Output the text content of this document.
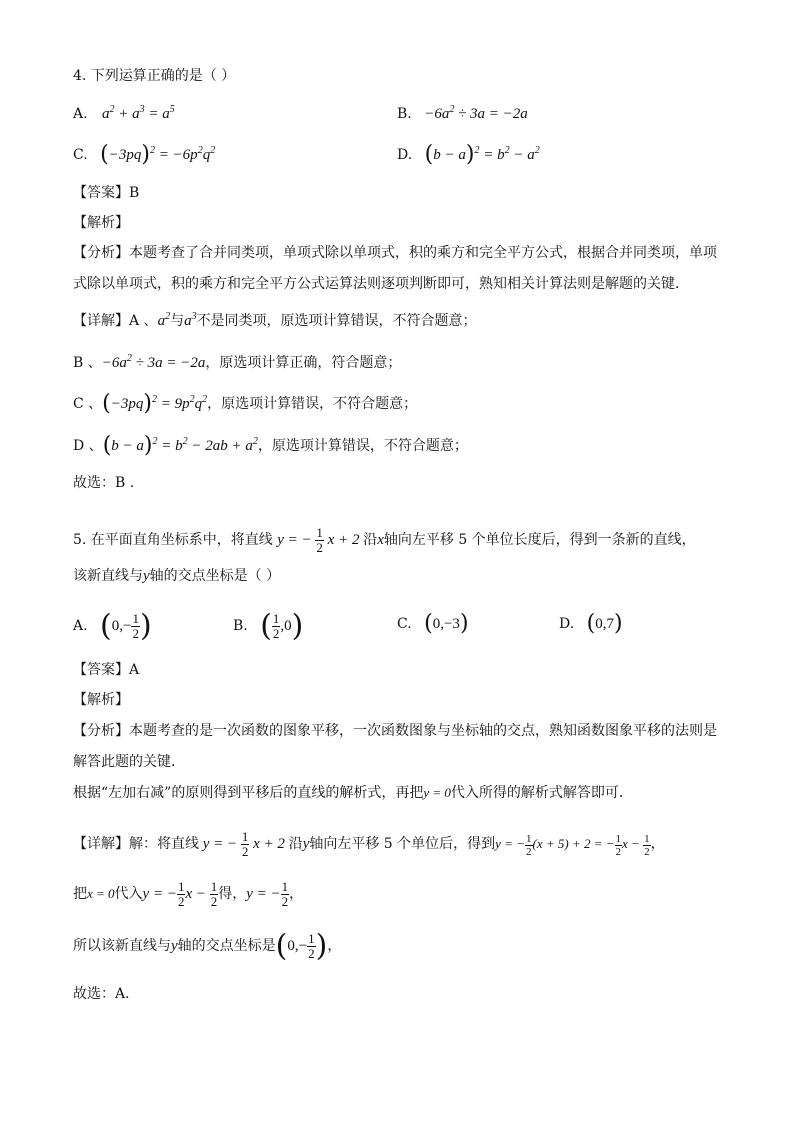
4. 下列运算正确的是（ ）
A. $a^2 + a^3 = a^5$	B. $-6a^2 \div 3a = -2a$
C. $(-3pq)^2 = -6p^2q^2$	D. $(b - a)^2 = b^2 - a^2$
【答案】B
【解析】
【分析】本题考查了合并同类项，单项式除以单项式，积的乘方和完全平方公式，根据合并同类项，单项
式除以单项式，积的乘方和完全平方公式运算法则逐项判断即可，熟知相关计算法则是解题的关键．
【详解】A 、$a^2$与$a^3$不是同类项，原选项计算错误，不符合题意；
B 、$-6a^2 \div 3a = -2a$，原选项计算正确，符合题意；
C 、$(-3pq)^2 = 9p^2q^2$，原选项计算错误，不符合题意；
D 、$(b - a)^2 = b^2 - 2ab + a^2$，原选项计算错误，不符合题意；
故选：B .
5. 在平面直角坐标系中，将直线 y = − $\frac{1}{2}$ x + 2 沿x轴向左平移 5 个单位长度后，得到一条新的直线，
该新直线与y轴的交点坐标是（ ）
A. ($0,- \frac{1}{2}$ )	B. ( $\frac{1}{2} ,0$)	C. (0,−3)	D. (0,7)
【答案】A
【解析】
【分析】本题考查的是一次函数的图象平移，一次函数图象与坐标轴的交点，熟知函数图象平移的法则是
解答此题的关键．
根据“左加右减”的原则得到平移后的直线的解析式，再把y = 0代入所得的解析式解答即可．
【详解】解：将直线 y = − $\frac{1}{2}$ x + 2 沿y轴向左平移 5 个单位后，得到y = − $\frac{1}{2} (x + 5) + 2$ = − $\frac{1}{2}$ $x - \frac{1}{2}$ ，
把x = 0代入y = − $\frac{1}{2}$ $x - \frac{1}{2}$ 得，y = − $\frac{1}{2}$ ，
所以该新直线与y轴的交点坐标是($0,- \frac{1}{2}$ )，
故选：A．
